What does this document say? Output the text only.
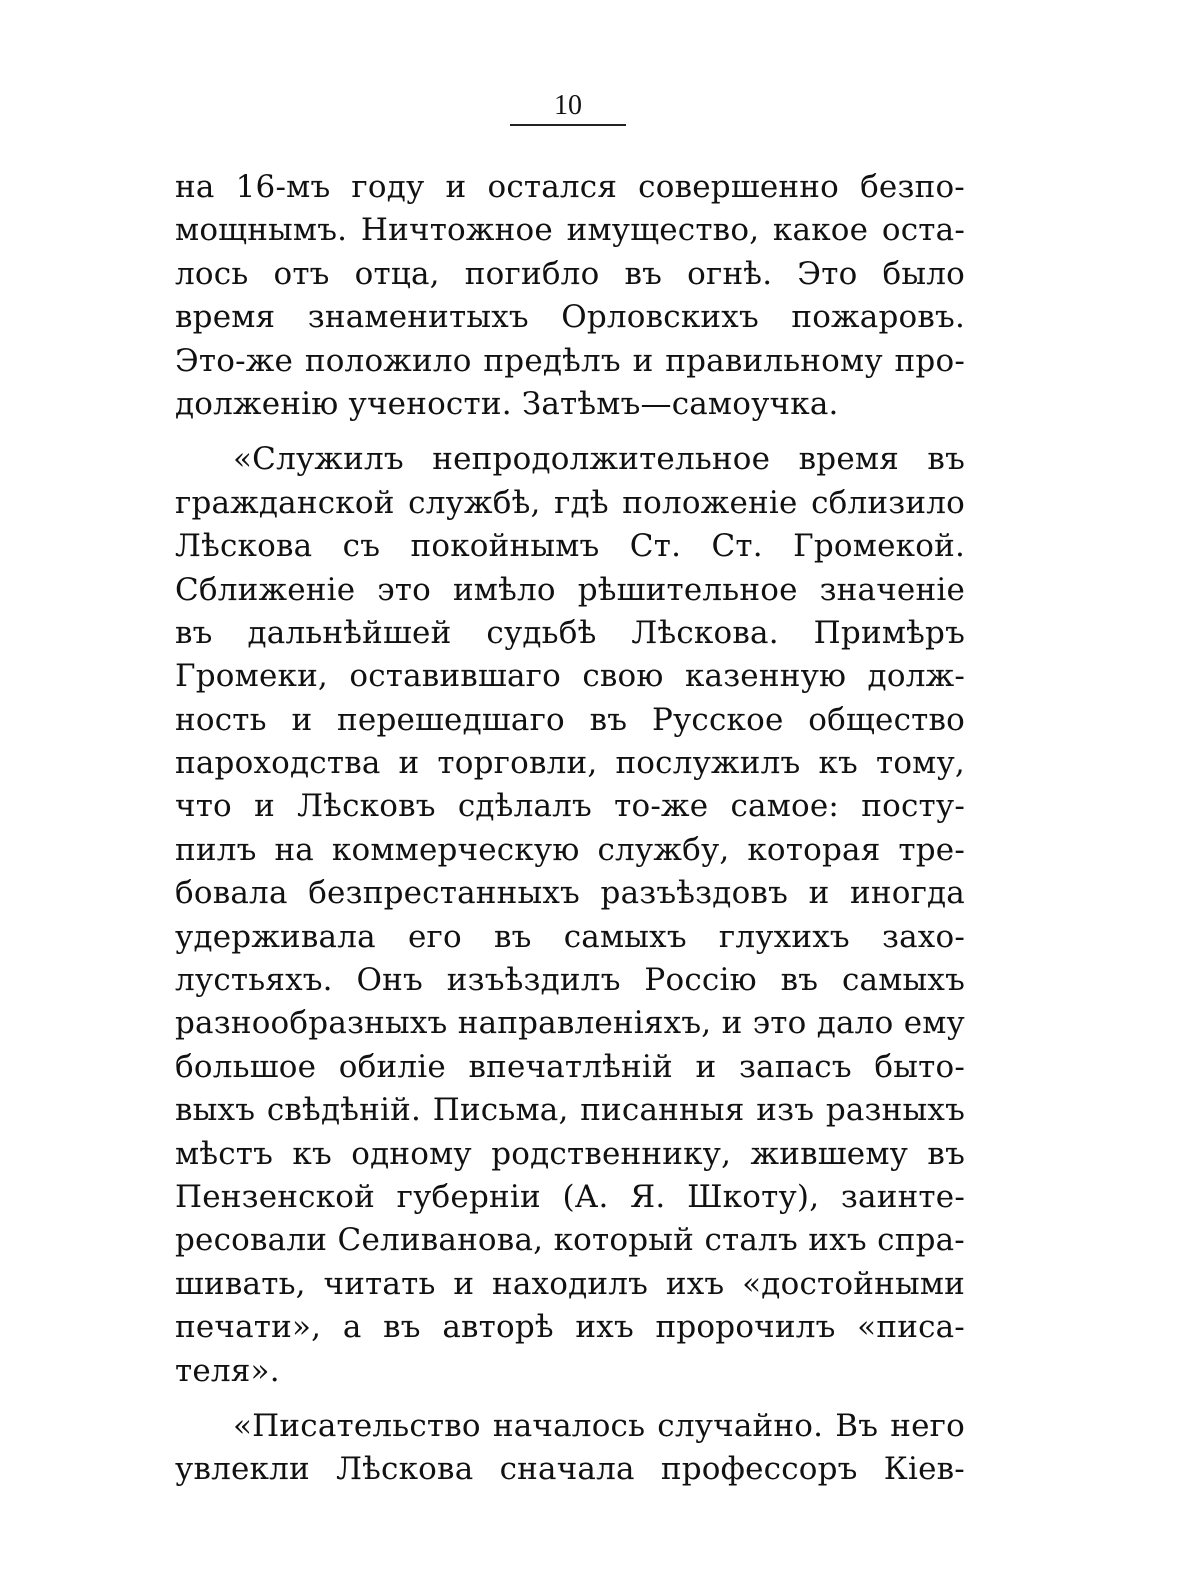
10
на 16-мъ году и остался совершенно безпо-
мощнымъ. Ничтожное имущество, какое оста-
лось отъ отца, погибло въ огнѣ. Это было
время знаменитыхъ Орловскихъ пожаровъ.
Это-же положило предѣлъ и правильному про-
долженiю учености. Затѣмъ—самоучка.
«Служилъ непродолжительное время въ
гражданской службѣ, гдѣ положенiе сблизило
Лѣскова съ покойнымъ Ст. Ст. Громекой.
Сближенiе это имѣло рѣшительное значенiе
въ дальнѣйшей судьбѣ Лѣскова. Примѣръ
Громеки, оставившаго свою казенную долж-
ность и перешедшаго въ Русское общество
пароходства и торговли, послужилъ къ тому,
что и Лѣсковъ сдѣлалъ то-же самое: посту-
пилъ на коммерческую службу, которая тре-
бовала безпрестанныхъ разъѣздовъ и иногда
удерживала его въ самыхъ глухихъ захо-
лустьяхъ. Онъ изъѣздилъ Россiю въ самыхъ
разнообразныхъ направленiяхъ, и это дало ему
большое обилiе впечатлѣнiй и запасъ быто-
выхъ свѣдѣнiй. Письма, писанныя изъ разныхъ
мѣстъ къ одному родственнику, жившему въ
Пензенской губернiи (А. Я. Шкоту), заинте-
ресовали Селиванова, который сталъ ихъ спра-
шивать, читать и находилъ ихъ «достойными
печати», а въ авторѣ ихъ пророчилъ «писа-
теля».
«Писательство началось случайно. Въ него
увлекли Лѣскова сначала профессоръ Кiев-
